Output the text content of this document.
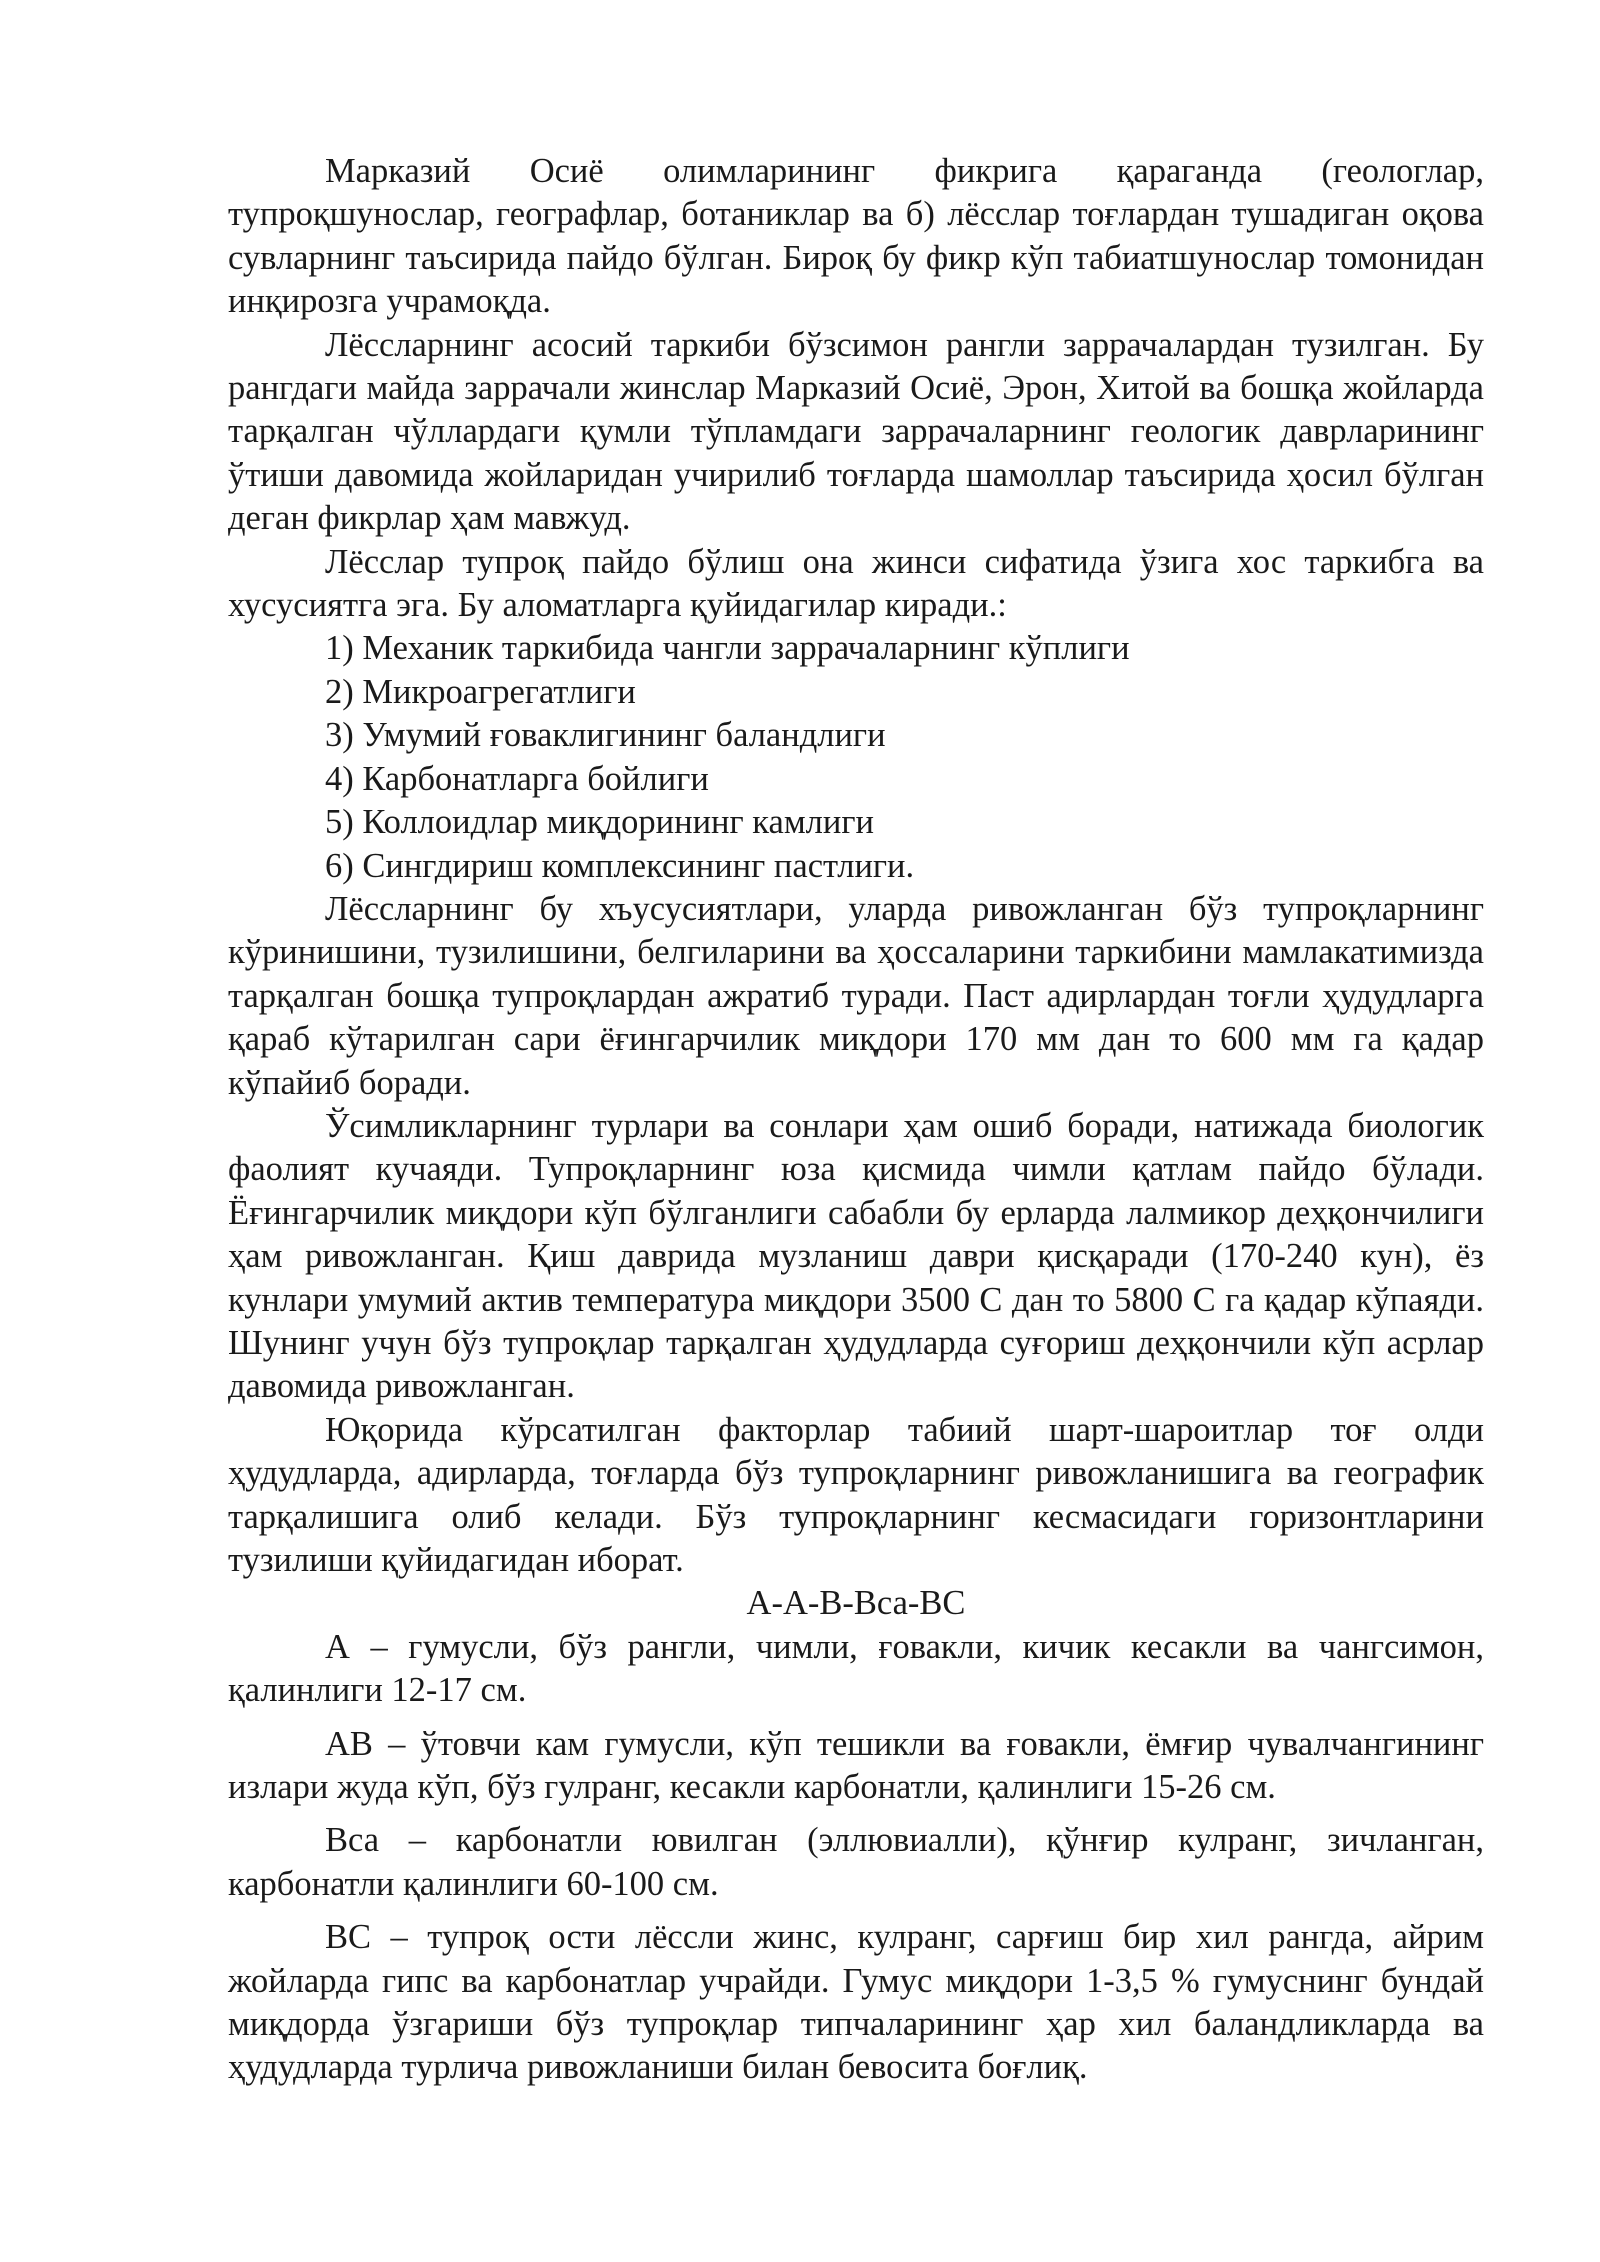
Марказий Осиё олимларининг фикрига қараганда (геологлар, тупроқшунослар, географлар, ботаниклар ва б) лёсслар тоғлардан тушадиган оқова сувларнинг таъсирида пайдо бўлган. Бироқ бу фикр кўп табиатшунослар томонидан инқирозга учрамоқда.

Лёссларнинг асосий таркиби бўзсимон рангли заррачалардан тузилган. Бу рангдаги майда заррачали жинслар Марказий Осиё, Эрон, Хитой ва бошқа жойларда тарқалган чўллардаги қумли тўпламдаги заррачаларнинг геологик даврларининг ўтиши давомида жойларидан учирилиб тоғларда шамоллар таъсирида ҳосил бўлган деган фикрлар ҳам мавжуд.

Лёсслар тупроқ пайдо бўлиш она жинси сифатида ўзига хос таркибга ва хусусиятга эга. Бу аломатларга қуйидагилар киради.:

1) Механик таркибида чангли заррачаларнинг кўплиги

2) Микроагрегатлиги

3) Умумий ғоваклигининг баландлиги

4) Карбонатларга бойлиги

5) Коллоидлар миқдорининг камлиги

6) Сингдириш комплексининг пастлиги.

Лёссларнинг бу хъусусиятлари, уларда ривожланган бўз тупроқларнинг кўринишини, тузилишини, белгиларини ва ҳоссаларини таркибини мамлакатимизда тарқалган бошқа тупроқлардан ажратиб туради. Паст адирлардан тоғли ҳудудларга қараб кўтарилган сари ёғингарчилик миқдори 170 мм дан то 600 мм га қадар кўпайиб боради.

Ўсимликларнинг турлари ва сонлари ҳам ошиб боради, натижада биологик фаолият кучаяди. Тупроқларнинг юза қисмида чимли қатлам пайдо бўлади. Ёғингарчилик миқдори кўп бўлганлиги сабабли бу ерларда лалмикор деҳқончилиги ҳам ривожланган. Қиш даврида музланиш даври қисқаради (170-240 кун), ёз кунлари умумий актив температура миқдори 3500 С дан то 5800 С га қадар кўпаяди. Шунинг учун бўз тупроқлар тарқалган ҳудудларда суғориш деҳқончили кўп асрлар давомида ривожланган.

Юқорида кўрсатилган факторлар табиий шарт-шароитлар тоғ олди ҳудудларда, адирларда, тоғларда бўз тупроқларнинг ривожланишига ва географик тарқалишига олиб келади. Бўз тупроқларнинг кесмасидаги горизонтларини тузилиши қуйидагидан иборат.

А-А-В-Вса-ВС

А – гумусли, бўз рангли, чимли, ғовакли, кичик кесакли ва чангсимон, қалинлиги 12-17 см.

АВ – ўтовчи кам гумусли, кўп тешикли ва ғовакли, ёмғир чувалчангининг излари жуда кўп, бўз гулранг, кесакли карбонатли, қалинлиги 15-26 см.

Вса – карбонатли ювилган (эллювиалли), қўнғир кулранг, зичланган, карбонатли қалинлиги 60-100 см.

ВС – тупроқ ости лёссли жинс, кулранг, сарғиш бир хил рангда, айрим жойларда гипс ва карбонатлар учрайди. Гумус миқдори 1-3,5 % гумуснинг бундай миқдорда ўзгариши бўз тупроқлар типчаларининг ҳар хил баландликларда ва ҳудудларда турлича ривожланиши билан бевосита боғлиқ.
